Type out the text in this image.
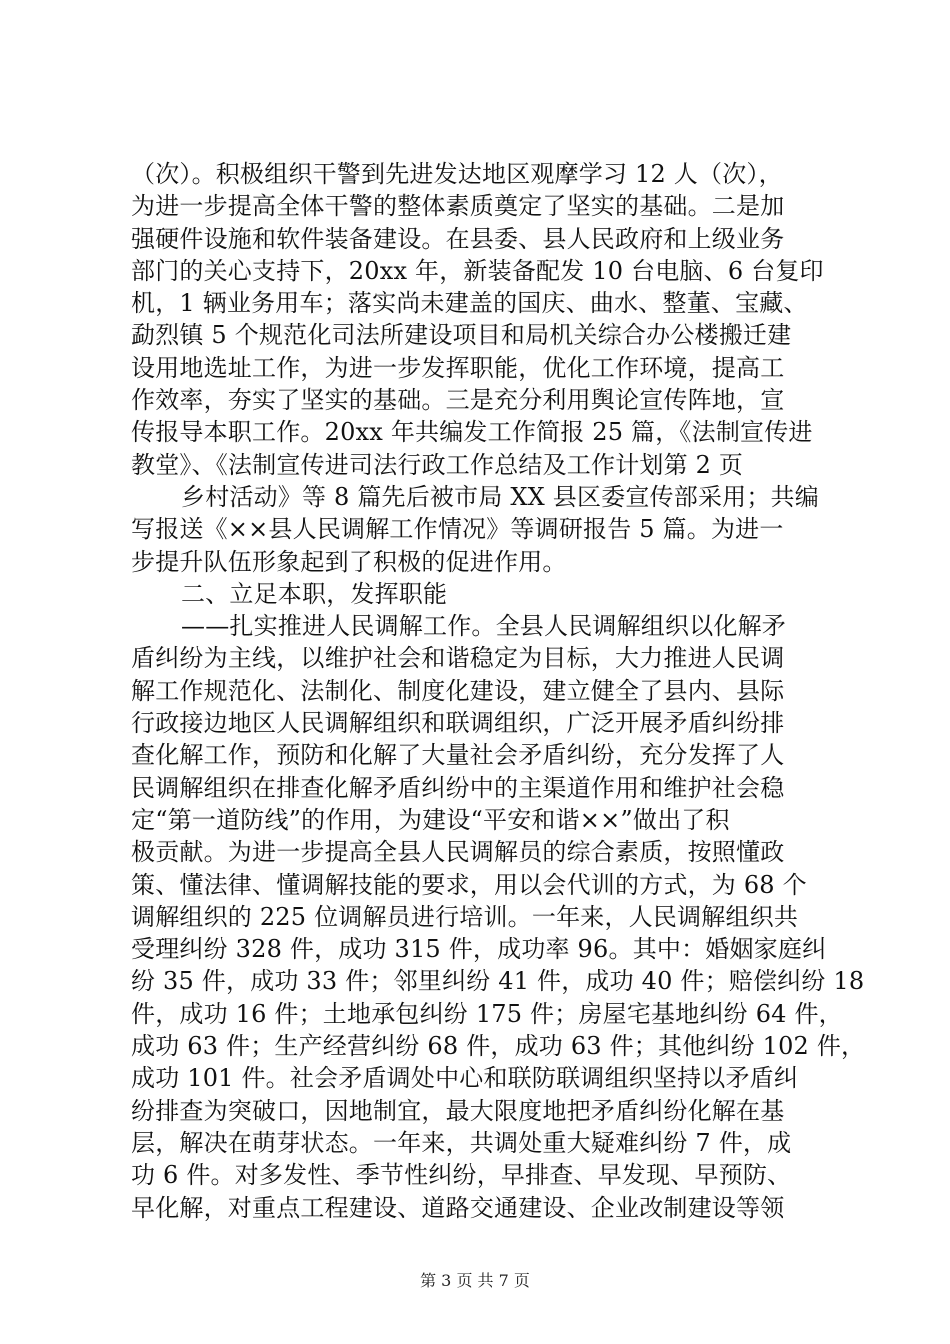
（次）。积极组织干警到先进发达地区观摩学习 12 人（次），
为进一步提高全体干警的整体素质奠定了坚实的基础。二是加
强硬件设施和软件装备建设。在县委、县人民政府和上级业务
部门的关心支持下，20xx 年，新装备配发 10 台电脑、6 台复印
机，1 辆业务用车；落实尚未建盖的国庆、曲水、整董、宝藏、
勐烈镇 5 个规范化司法所建设项目和局机关综合办公楼搬迁建
设用地选址工作，为进一步发挥职能，优化工作环境，提高工
作效率，夯实了坚实的基础。三是充分利用舆论宣传阵地，宣
传报导本职工作。20xx 年共编发工作简报 25 篇，《法制宣传进
教堂》、《法制宣传进司法行政工作总结及工作计划第 2 页
乡村活动》等 8 篇先后被市局 XX 县区委宣传部采用；共编
写报送《××县人民调解工作情况》等调研报告 5 篇。为进一
步提升队伍形象起到了积极的促进作用。
二、立足本职，发挥职能
——扎实推进人民调解工作。全县人民调解组织以化解矛
盾纠纷为主线，以维护社会和谐稳定为目标，大力推进人民调
解工作规范化、法制化、制度化建设，建立健全了县内、县际
行政接边地区人民调解组织和联调组织，广泛开展矛盾纠纷排
查化解工作，预防和化解了大量社会矛盾纠纷，充分发挥了人
民调解组织在排查化解矛盾纠纷中的主渠道作用和维护社会稳
定“第一道防线”的作用，为建设“平安和谐××”做出了积
极贡献。为进一步提高全县人民调解员的综合素质，按照懂政
策、懂法律、懂调解技能的要求，用以会代训的方式，为 68 个
调解组织的 225 位调解员进行培训。一年来，人民调解组织共
受理纠纷 328 件，成功 315 件，成功率 96。其中：婚姻家庭纠
纷 35 件，成功 33 件；邻里纠纷 41 件，成功 40 件；赔偿纠纷 18
件，成功 16 件；土地承包纠纷 175 件；房屋宅基地纠纷 64 件，
成功 63 件；生产经营纠纷 68 件，成功 63 件；其他纠纷 102 件，
成功 101 件。社会矛盾调处中心和联防联调组织坚持以矛盾纠
纷排查为突破口，因地制宜，最大限度地把矛盾纠纷化解在基
层，解决在萌芽状态。一年来，共调处重大疑难纠纷 7 件，成
功 6 件。对多发性、季节性纠纷，早排查、早发现、早预防、
早化解，对重点工程建设、道路交通建设、企业改制建设等领
第 3 页 共 7 页
